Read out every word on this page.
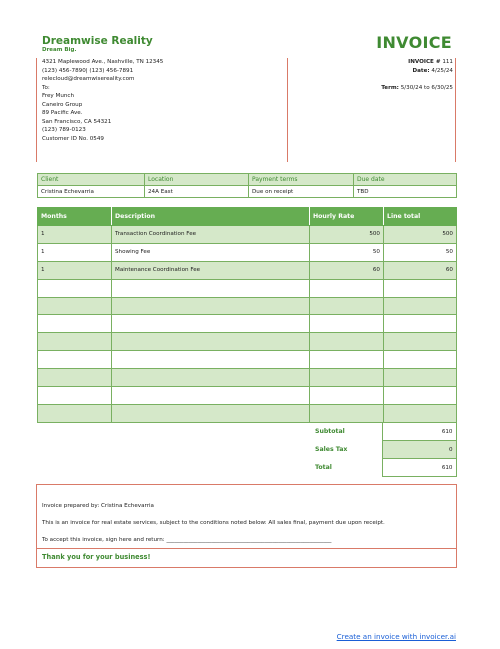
Dreamwise Reality
Dream Big.	INVOICE
4321 Maplewood Ave., Nashville, TN 12345
(123) 456-7890| (123) 456-7891
relecloud@dreamwisereality.com
To:
Frey Munch
Caneiro Group
89 Pacific Ave.
San Francisco, CA 54321
(123) 789-0123
Customer ID No. 0549
INVOICE # 111
Date: 4/25/24
Term: 5/30/24 to 6/30/25
Client	Location	Payment terms	Due date
Cristina Echevarria	24A East	Due on receipt	TBD
Months	Description	Hourly Rate	Line total
1	Transaction Coordination Fee	500	500
1	Showing Fee	50	50
1	Maintenance Coordination Fee	60	60

Subtotal	610
Sales Tax	0
Total	610
Invoice prepared by: Cristina Echevarria
This is an invoice for real estate services, subject to the conditions noted below: All sales final, payment due upon receipt.
To accept this invoice, sign here and return: ___________________________________________________________
Thank you for your business!
Create an invoice with invoicer.ai
